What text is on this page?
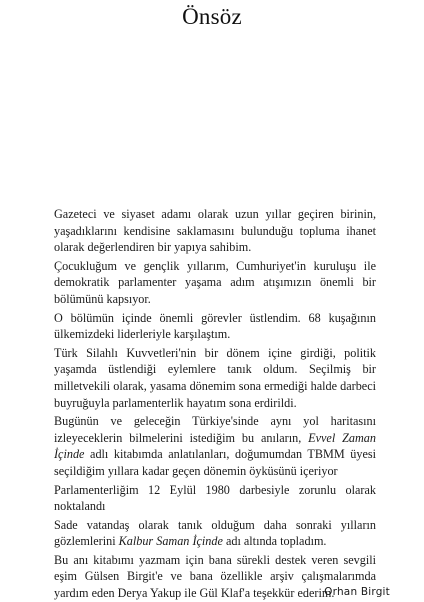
Önsöz

Gazeteci ve siyaset adamı olarak uzun yıllar geçiren birinin, yaşadıklarını kendisine saklamasını bulunduğu topluma ihanet olarak değerlendiren bir yapıya sahibim.

Çocukluğum ve gençlik yıllarım, Cumhuriyet'in kuruluşu ile demokratik parlamenter yaşama adım atışımızın önemli bir bölümünü kapsıyor.

O bölümün içinde önemli görevler üstlendim. 68 kuşağının ülkemizdeki liderleriyle karşılaştım.

Türk Silahlı Kuvvetleri'nin bir dönem içine girdiği, politik yaşamda üstlendiği eylemlere tanık oldum. Seçilmiş bir milletvekili olarak, yasama dönemim sona ermediği halde darbeci buyruğuyla parlamenterlik hayatım sona erdirildi.

Bugünün ve geleceğin Türkiye'sinde aynı yol haritasını izleyeceklerin bilmelerini istediğim bu anıların, Evvel Zaman İçinde adlı kitabımda anlatılanları, doğumumdan TBMM üyesi seçildiğim yıllara kadar geçen dönemin öyküsünü içeriyor

Parlamenterliğim 12 Eylül 1980 darbesiyle zorunlu olarak noktalandı

Sade vatandaş olarak tanık olduğum daha sonraki yılların gözlemlerini Kalbur Saman İçinde adı altında topladım.

Bu anı kitabımı yazmam için bana sürekli destek veren sevgili eşim Gülsen Birgit'e ve bana özellikle arşiv çalışmalarımda yardım eden Derya Yakup ile Gül Klaf'a teşekkür ederim.

Orhan Birgit
